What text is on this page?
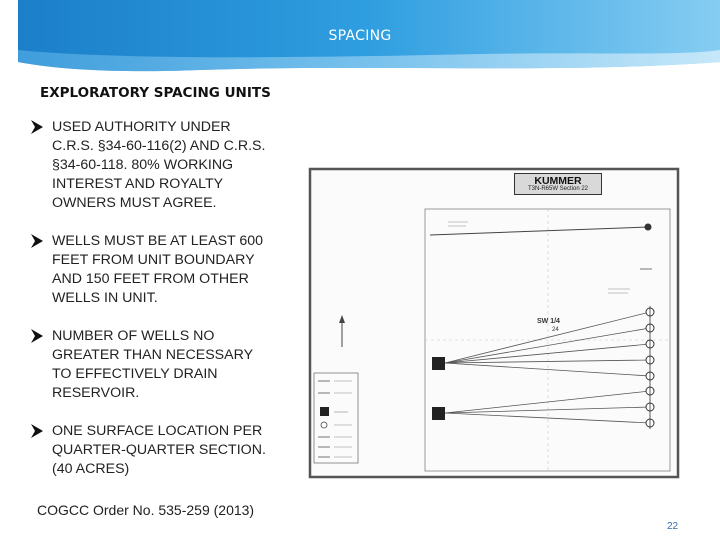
SPACING
EXPLORATORY SPACING UNITS
USED AUTHORITY UNDER
C.R.S. §34-60-116(2) AND C.R.S.
§34-60-118. 80% WORKING
INTEREST AND ROYALTY
OWNERS MUST AGREE.
WELLS MUST BE AT LEAST 600
FEET FROM UNIT BOUNDARY
AND 150 FEET FROM OTHER
WELLS IN UNIT.
NUMBER OF WELLS NO
GREATER THAN NECESSARY
TO EFFECTIVELY DRAIN
RESERVOIR.
ONE SURFACE LOCATION PER
QUARTER-QUARTER SECTION.
(40 ACRES)
KUMMER
T3N-R65W Section 22
SW 1/4
24
COGCC Order No. 535-259 (2013)
22
